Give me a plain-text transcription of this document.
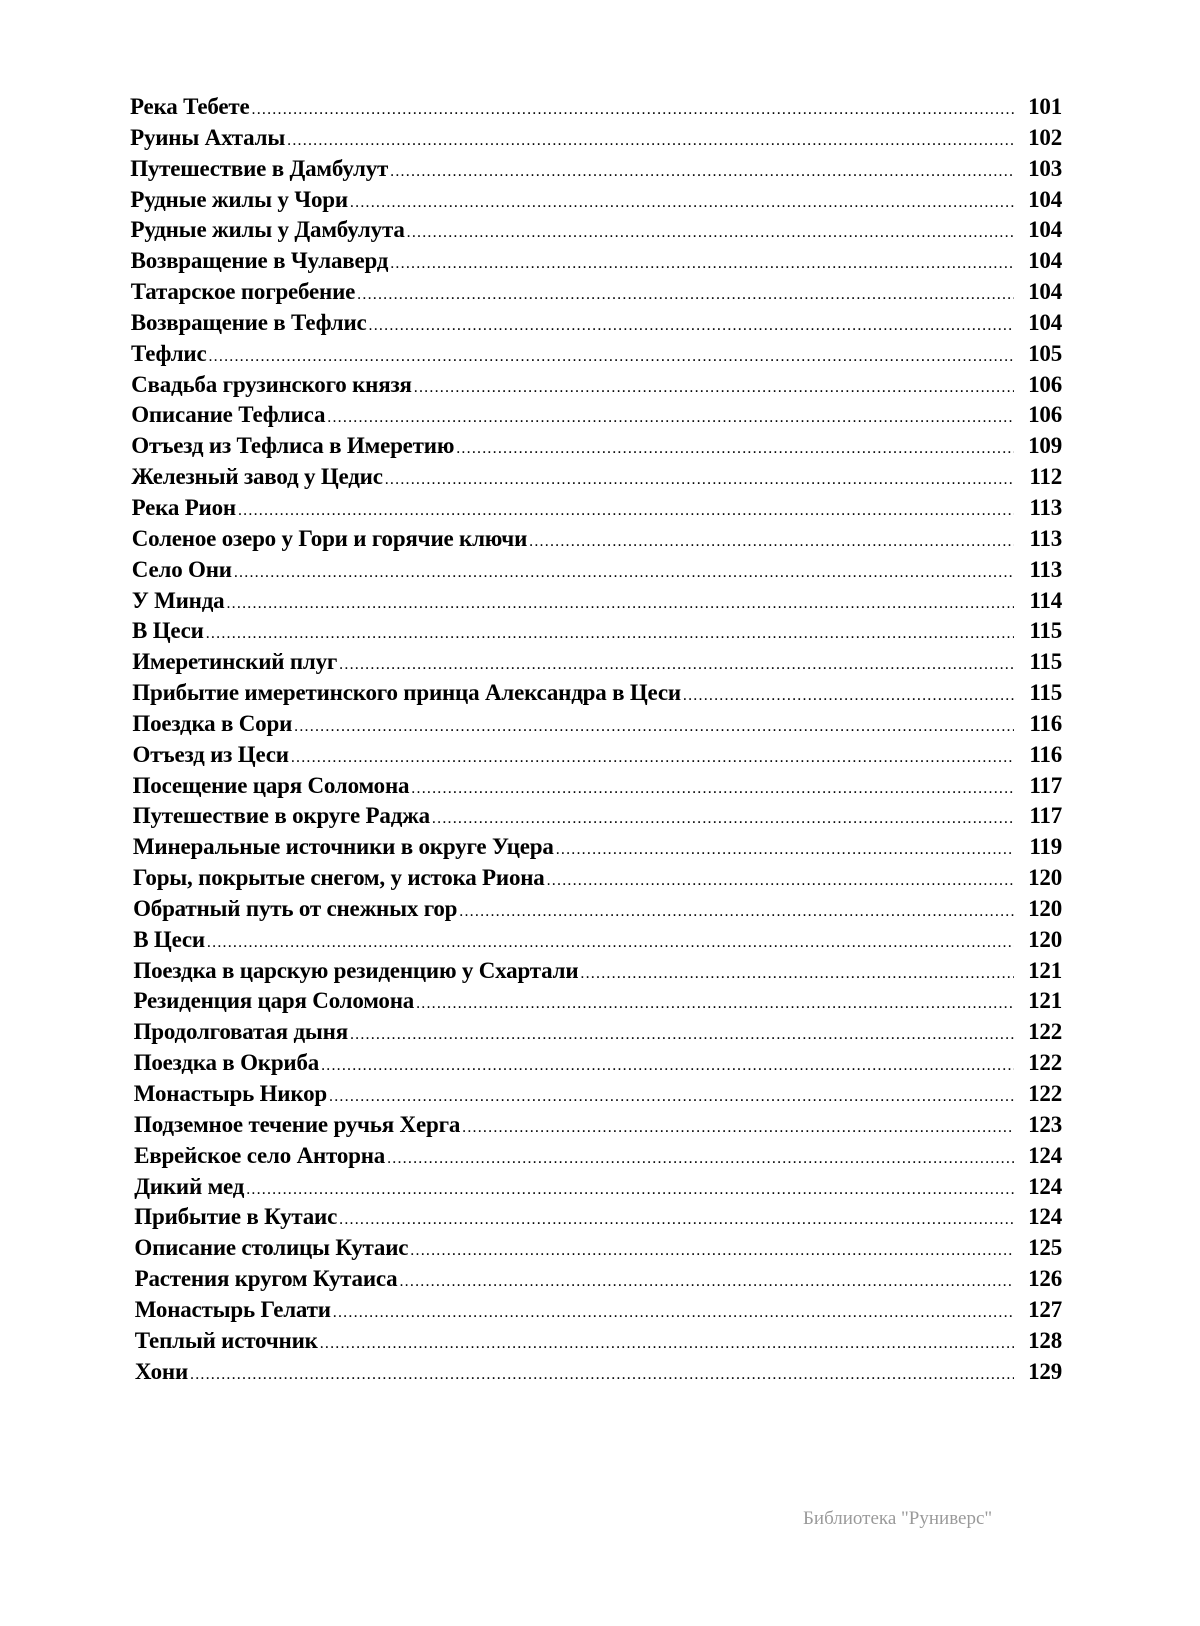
Река Тебете .....	101
Руины Ахталы .....	102
Путешествие в Дамбулут .....	103
Рудные жилы у Чори .....	104
Рудные жилы у Дамбулута .....	104
Возвращение в Чулаверд .....	104
Татарское погребение .....	104
Возвращение в Тефлис .....	104
Тефлис .....	105
Свадьба грузинского князя .....	106
Описание Тефлиса .....	106
Отъезд из Тефлиса в Имеретию .....	109
Железный завод у Цедис .....	112
Река Рион .....	113
Соленое озеро у Гори и горячие ключи .....	113
Село Они .....	113
У Минда .....	114
В Цеси .....	115
Имеретинский плуг .....	115
Прибытие имеретинского принца Александра в Цеси .....	115
Поездка в Сори .....	116
Отъезд из Цеси .....	116
Посещение царя Соломона .....	117
Путешествие в округе Раджа .....	117
Минеральные источники в округе Уцера .....	119
Горы, покрытые снегом, у истока Риона .....	120
Обратный путь от снежных гор .....	120
В Цеси .....	120
Поездка в царскую резиденцию у Схартали .....	121
Резиденция царя Соломона .....	121
Продолговатая дыня .....	122
Поездка в Окриба .....	122
Монастырь Никор .....	122
Подземное течение ручья Херга .....	123
Еврейское село Анторна .....	124
Дикий мед .....	124
Прибытие в Кутаис .....	124
Описание столицы Кутаис .....	125
Растения кругом Кутаиса .....	126
Монастырь Гелати .....	127
Теплый источник .....	128
Хони .....	129
Библиотека "Руниверс"
